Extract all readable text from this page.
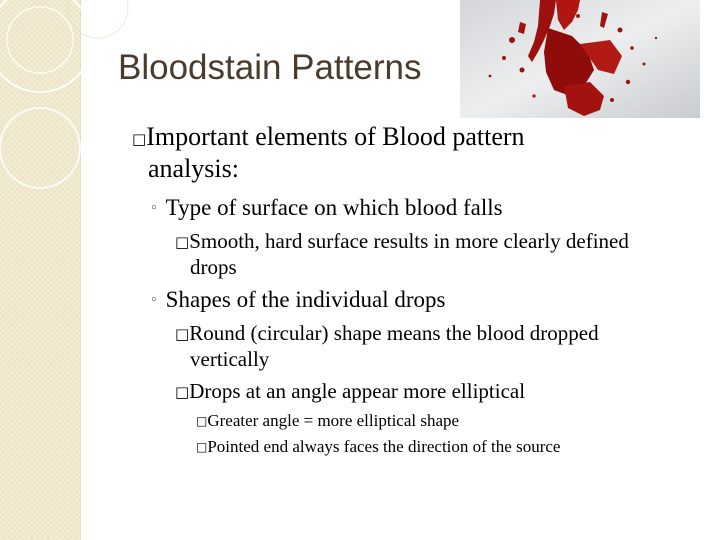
Bloodstain Patterns
□Important elements of Blood pattern
analysis:
◦ Type of surface on which blood falls
□Smooth, hard surface results in more clearly defined
drops
◦ Shapes of the individual drops
□Round (circular) shape means the blood dropped
vertically
□Drops at an angle appear more elliptical
□Greater angle = more elliptical shape
□Pointed end always faces the direction of the source
